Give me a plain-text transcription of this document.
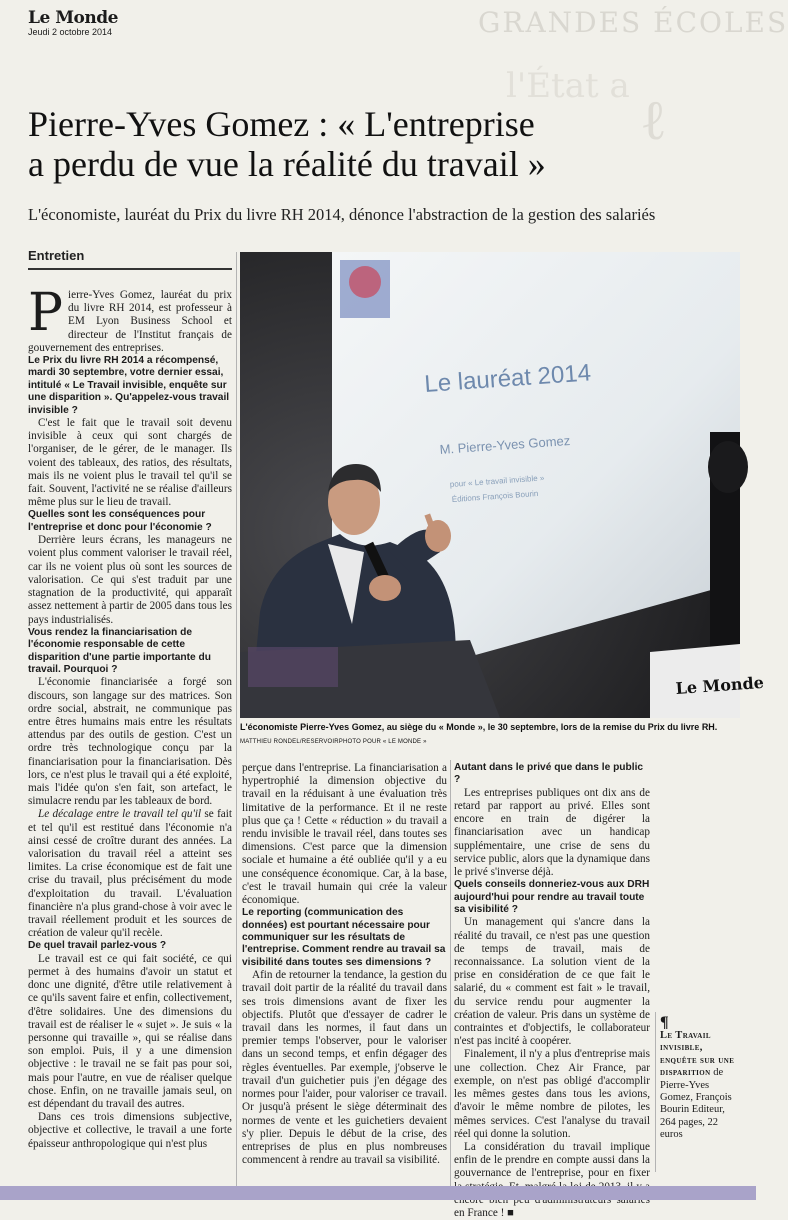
Le Monde
Jeudi 2 octobre 2014	GRANDES ÉCOLES
l'État a
ℓ
Pierre-Yves Gomez : « L'entreprise
a perdu de vue la réalité du travail »

L'économiste, lauréat du Prix du livre RH 2014, dénonce l'abstraction de la gestion des salariés

Entretien

Pierre-Yves Gomez, lauréat du prix du livre RH 2014, est professeur à EM Lyon Business School et directeur de l'Institut français de gouvernement des entreprises.

Le Prix du livre RH 2014 a récompensé, mardi 30 septembre, votre dernier essai, intitulé « Le Travail invisible, enquête sur une disparition ». Qu'appelez-vous travail invisible ?

C'est le fait que le travail soit devenu invisible à ceux qui sont chargés de l'organiser, de le gérer, de le manager. Ils voient des tableaux, des ratios, des résultats, mais ils ne voient plus le travail tel qu'il se fait. Souvent, l'activité ne se réalise d'ailleurs même plus sur le lieu de travail.

Quelles sont les conséquences pour l'entreprise et donc pour l'économie ?

Derrière leurs écrans, les manageurs ne voient plus comment valoriser le travail réel, car ils ne voient plus où sont les sources de valorisation. Ce qui s'est traduit par une stagnation de la productivité, qui apparaît assez nettement à partir de 2005 dans tous les pays industrialisés.

Vous rendez la financiarisation de l'économie responsable de cette disparition d'une partie importante du travail. Pourquoi ?

L'économie financiarisée a forgé son discours, son langage sur des matrices. Son ordre social, abstrait, ne communique pas entre êtres humains mais entre les résultats attendus par des outils de gestion. C'est un ordre très technologique conçu par la financiarisation pour la financiarisation. Dès lors, ce n'est plus le travail qui a été exploité, mais l'idée qu'on s'en fait, son artefact, le simulacre rendu par les tableaux de bord.

Le décalage entre le travail tel qu'il se fait et tel qu'il est restitué dans l'économie n'a ainsi cessé de croître durant des années. La valorisation du travail réel a atteint ses limites. La crise économique est de fait une crise du travail, plus précisément du mode d'exploitation du travail. L'évaluation financière n'a plus grand-chose à voir avec le travail réellement produit et les sources de création de valeur qu'il recèle.

De quel travail parlez-vous ?

Le travail est ce qui fait société, ce qui permet à des humains d'avoir un statut et donc une dignité, d'être utile relativement à ce qu'ils savent faire et enfin, collectivement, d'être solidaires. Une des dimensions du travail est de réaliser le « sujet ». Je suis « la personne qui travaille », qui se réalise dans son emploi. Puis, il y a une dimension objective : le travail ne se fait pas pour soi, mais pour l'autre, en vue de réaliser quelque chose. Enfin, on ne travaille jamais seul, on est dépendant du travail des autres.

Dans ces trois dimensions subjective, objective et collective, le travail a une forte épaisseur anthropologique qui n'est plus

Le lauréat 2014
M. Pierre-Yves Gomez
pour « Le travail invisible »
Éditions François Bourin
Le Monde
L'économiste Pierre-Yves Gomez, au siège du « Monde », le 30 septembre, lors de la remise du Prix du livre RH. MATTHIEU RONDEL/RESERVOIRPHOTO POUR « LE MONDE »

perçue dans l'entreprise. La financiarisation a hypertrophié la dimension objective du travail en la réduisant à une évaluation très limitative de la performance. Et il ne reste plus que ça ! Cette « réduction » du travail a rendu invisible le travail réel, dans toutes ses dimensions. C'est parce que la dimension sociale et humaine a été oubliée qu'il y a eu une conséquence économique. Car, à la base, c'est le travail humain qui crée la valeur économique.

Le reporting (communication des données) est pourtant nécessaire pour communiquer sur les résultats de l'entreprise. Comment rendre au travail sa visibilité dans toutes ses dimensions ?

Afin de retourner la tendance, la gestion du travail doit partir de la réalité du travail dans ses trois dimensions avant de fixer les objectifs. Plutôt que d'essayer de cadrer le travail dans les normes, il faut dans un premier temps l'observer, pour le valoriser dans un second temps, et enfin dégager des règles éventuelles. Par exemple, j'observe le travail d'un guichetier puis j'en dégage des normes pour l'aider, pour valoriser ce travail. Or jusqu'à présent le siège déterminait des normes de vente et les guichetiers devaient s'y plier. Depuis le début de la crise, des entreprises de plus en plus nombreuses commencent à rendre au travail sa visibilité.

Autant dans le privé que dans le public ?

Les entreprises publiques ont dix ans de retard par rapport au privé. Elles sont encore en train de digérer la financiarisation avec un handicap supplémentaire, une crise de sens du service public, alors que la dynamique dans le privé s'inverse déjà.

Quels conseils donneriez-vous aux DRH aujourd'hui pour rendre au travail toute sa visibilité ?

Un management qui s'ancre dans la réalité du travail, ce n'est pas une question de temps de travail, mais de reconnaissance. La solution vient de la prise en considération de ce que fait le salarié, du « comment est fait » le travail, du service rendu pour augmenter la création de valeur. Pris dans un système de contraintes et d'objectifs, le collaborateur n'est pas incité à coopérer.

Finalement, il n'y a plus d'entreprise mais une collection. Chez Air France, par exemple, on n'est pas obligé d'accomplir les mêmes gestes dans tous les avions, d'avoir le même nombre de pilotes, les mêmes services. C'est l'analyse du travail réel qui donne la solution.

La considération du travail implique enfin de le prendre en compte aussi dans la gouvernance de l'entreprise, pour en fixer en France ! ■

¶
Le Travail invisible, enquête sur une disparition de Pierre-Yves Gomez, François Bourin Editeur, 264 pages, 22 euros
